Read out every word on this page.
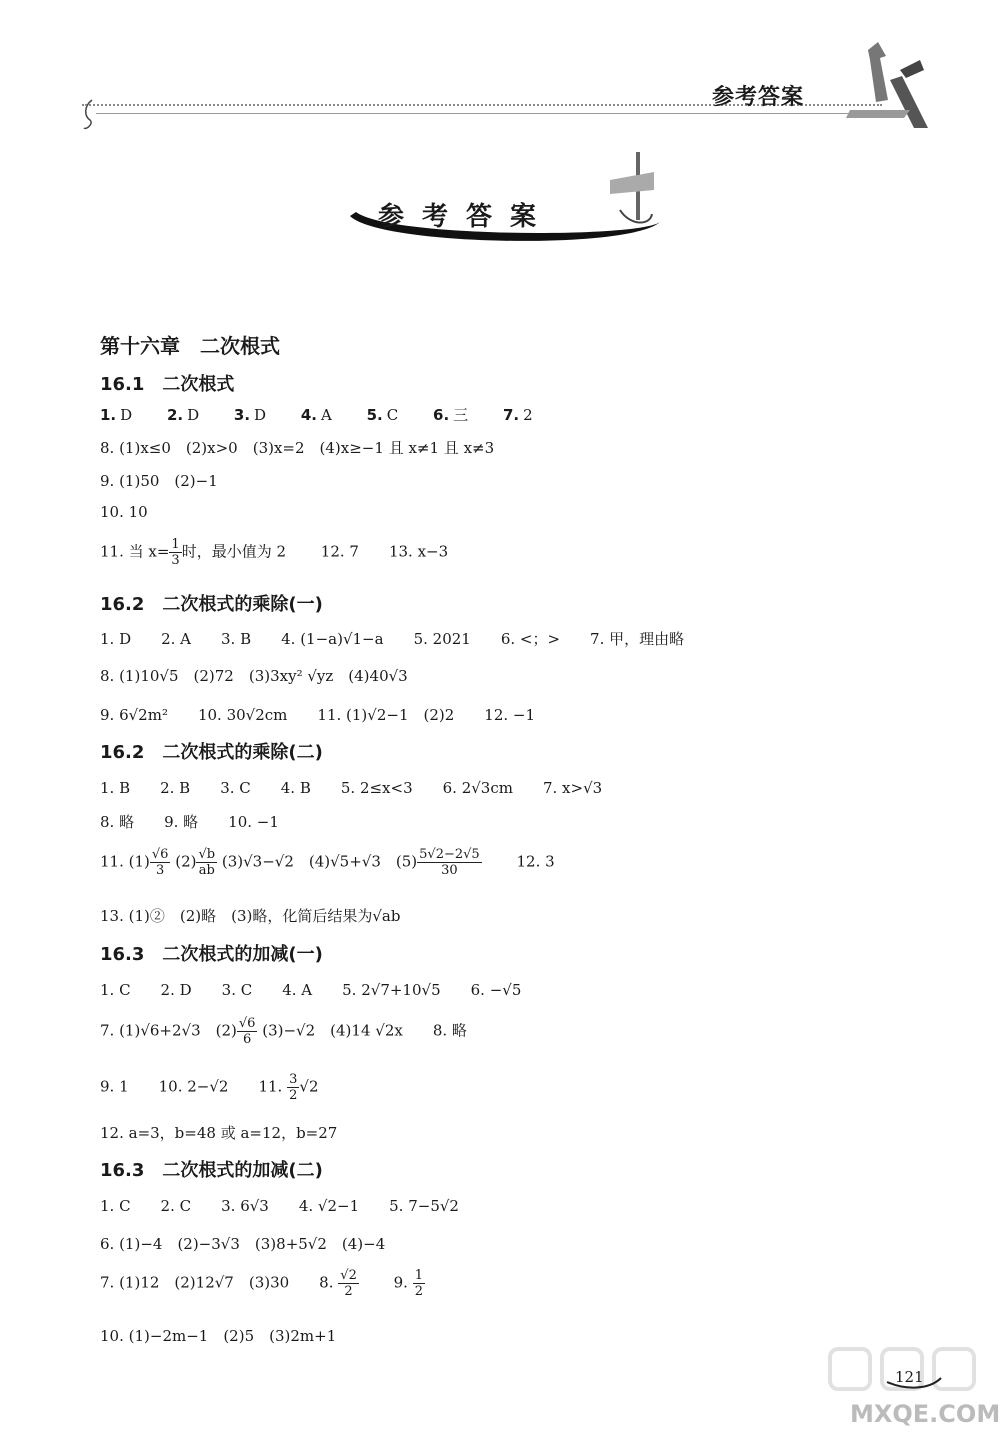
参考答案
参考答案
第十六章　二次根式
16.1　二次根式
1. D 2. D 3. D 4. A 5. C 6. 三 7. 2
8. (1)x≤0　(2)x>0　(3)x=2　(4)x≥−1 且 x≠1 且 x≠3
9. (1)50　(2)−1
10. 10
11. 当 $x= \frac{1}{3}$ 时，最小值为 2 12. 7 13. x−3
16.2　二次根式的乘除(一)
1. D　　2. A　　3. B　　4. (1−a)√1−a　　5. 2021　　6. <；>　　7. 甲，理由略
8. (1)10√5　(2)72　(3)3xy² √yz　(4)40√3
9. 6√2m²　　10. 30√2cm　　11. (1)√2−1　(2)2　　12. −1
16.2　二次根式的乘除(二)
1. B　　2. B　　3. C　　4. B　　5. 2≤x<3　　6. 2√3cm　　7. x>√3
8. 略　　9. 略　　10. −1
11. $(1) \frac{√6}{3} (2) \frac{√b}{ab} (3)√3-√2$　(4)√5+√3　$(5) \frac{5√2-2√5}{30} 12$. 3
13. (1)②　(2)略　(3)略，化简后结果为√ab
16.3　二次根式的加减(一)
1. C　　2. D　　3. C　　4. A　　5. 2√7+10√5　　6. −√5
7. (1)√6+2√3　$(2) \frac{√6}{6} (3)-√2$　(4)14 √2x　　8. 略
9. 1　　10. 2−√2　　11. $\frac{3}{2} √2$
12. a=3，b=48 或 a=12，b=27
16.3　二次根式的加减(二)
1. C　　2. C　　3. 6√3　　4. √2−1　　5. 7−5√2
6. (1)−4　(2)−3√3　(3)8+5√2　(4)−4
7. (1)12　(2)12√7　(3)30　　8. $\frac{√2}{2} 9$. $\frac{1}{2}$
10. (1)−2m−1　(2)5　(3)2m+1
MXQE.COM
121
